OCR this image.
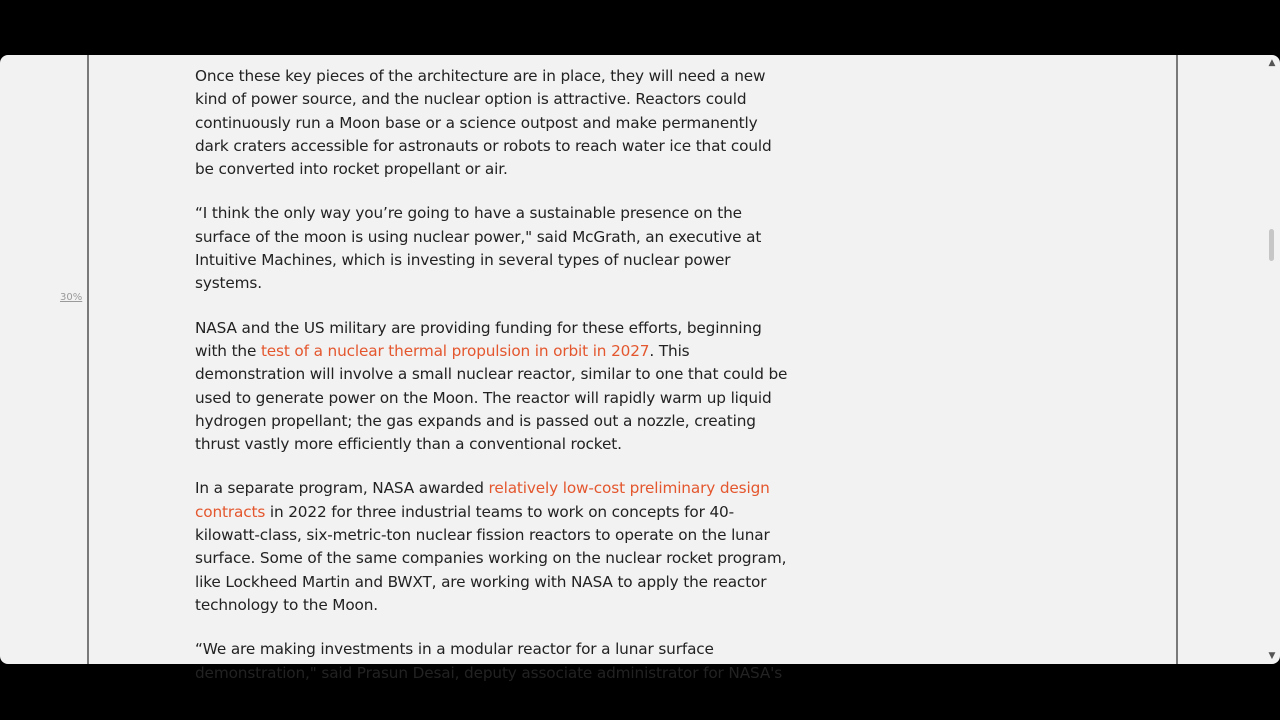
30%

Once these key pieces of the architecture are in place, they will need a new kind of power source, and the nuclear option is attractive. Reactors could continuously run a Moon base or a science outpost and make permanently dark craters accessible for astronauts or robots to reach water ice that could be converted into rocket propellant or air.

“I think the only way you’re going to have a sustainable presence on the surface of the moon is using nuclear power," said McGrath, an executive at Intuitive Machines, which is investing in several types of nuclear power systems.

NASA and the US military are providing funding for these efforts, beginning with the test of a nuclear thermal propulsion in orbit in 2027. This demonstration will involve a small nuclear reactor, similar to one that could be used to generate power on the Moon. The reactor will rapidly warm up liquid hydrogen propellant; the gas expands and is passed out a nozzle, creating thrust vastly more efficiently than a conventional rocket.

In a separate program, NASA awarded relatively low-cost preliminary design contracts in 2022 for three industrial teams to work on concepts for 40-kilowatt-class, six-metric-ton nuclear fission reactors to operate on the lunar surface. Some of the same companies working on the nuclear rocket program, like Lockheed Martin and BWXT, are working with NASA to apply the reactor technology to the Moon.

“We are making investments in a modular reactor for a lunar surface demonstration," said Prasun Desai, deputy associate administrator for NASA's

▲
▼
